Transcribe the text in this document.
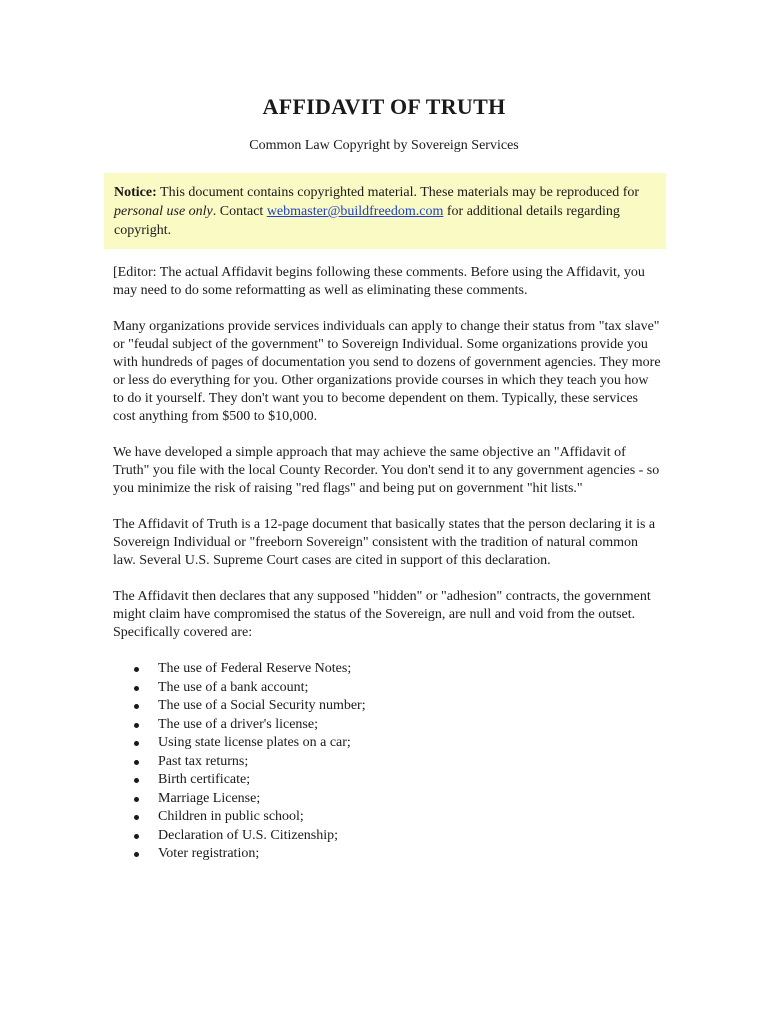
AFFIDAVIT OF TRUTH

Common Law Copyright by Sovereign Services

Notice: This document contains copyrighted material. These materials may be reproduced for personal use only. Contact webmaster@buildfreedom.com for additional details regarding copyright.

[Editor: The actual Affidavit begins following these comments. Before using the Affidavit, you may need to do some reformatting as well as eliminating these comments.

Many organizations provide services individuals can apply to change their status from "tax slave" or "feudal subject of the government" to Sovereign Individual. Some organizations provide you with hundreds of pages of documentation you send to dozens of government agencies. They more or less do everything for you. Other organizations provide courses in which they teach you how to do it yourself. They don't want you to become dependent on them. Typically, these services cost anything from $500 to $10,000.

We have developed a simple approach that may achieve the same objective an "Affidavit of Truth" you file with the local County Recorder. You don't send it to any government agencies - so you minimize the risk of raising "red flags" and being put on government "hit lists."

The Affidavit of Truth is a 12-page document that basically states that the person declaring it is a Sovereign Individual or "freeborn Sovereign" consistent with the tradition of natural common law. Several U.S. Supreme Court cases are cited in support of this declaration.

The Affidavit then declares that any supposed "hidden" or "adhesion" contracts, the government might claim have compromised the status of the Sovereign, are null and void from the outset. Specifically covered are:

The use of Federal Reserve Notes;
The use of a bank account;
The use of a Social Security number;
The use of a driver's license;
Using state license plates on a car;
Past tax returns;
Birth certificate;
Marriage License;
Children in public school;
Declaration of U.S. Citizenship;
Voter registration;
